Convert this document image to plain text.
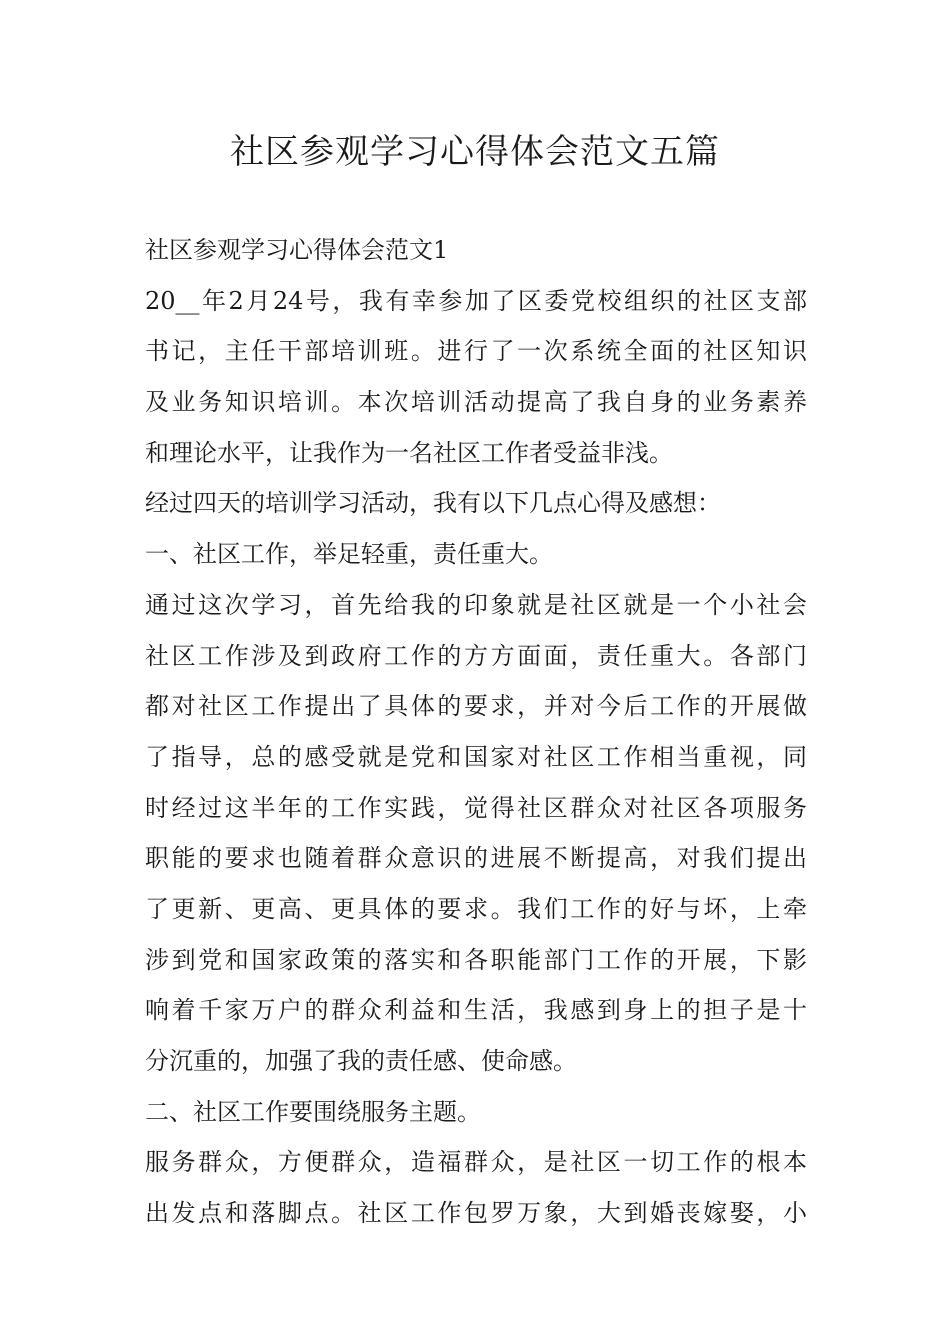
社区参观学习心得体会范文五篇
社区参观学习心得体会范文1
20__年2月24号，我有幸参加了区委党校组织的社区支部
书记，主任干部培训班。进行了一次系统全面的社区知识
及业务知识培训。本次培训活动提高了我自身的业务素养
和理论水平，让我作为一名社区工作者受益非浅。
经过四天的培训学习活动，我有以下几点心得及感想：
一、社区工作，举足轻重，责任重大。
通过这次学习，首先给我的印象就是社区就是一个小社会
社区工作涉及到政府工作的方方面面，责任重大。各部门
都对社区工作提出了具体的要求，并对今后工作的开展做
了指导，总的感受就是党和国家对社区工作相当重视，同
时经过这半年的工作实践，觉得社区群众对社区各项服务
职能的要求也随着群众意识的进展不断提高，对我们提出
了更新、更高、更具体的要求。我们工作的好与坏，上牵
涉到党和国家政策的落实和各职能部门工作的开展，下影
响着千家万户的群众利益和生活，我感到身上的担子是十
分沉重的，加强了我的责任感、使命感。
二、社区工作要围绕服务主题。
服务群众，方便群众，造福群众，是社区一切工作的根本
出发点和落脚点。社区工作包罗万象，大到婚丧嫁娶，小
